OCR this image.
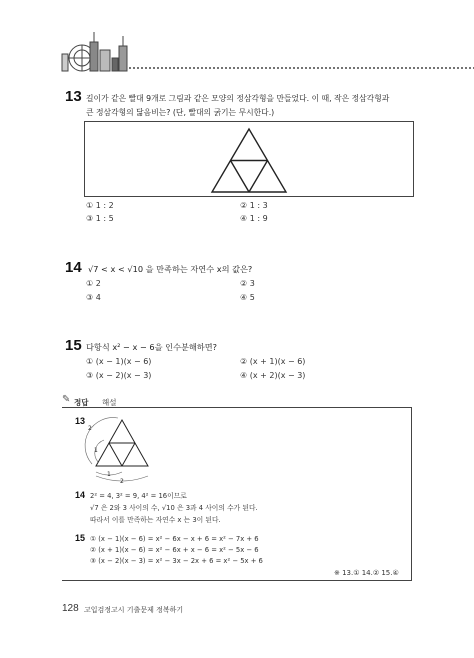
13 길이가 같은 빨대 9개로 그림과 같은 모양의 정삼각형을 만들었다. 이 때, 작은 정삼각형과
큰 정삼각형의 닮음비는? (단, 빨대의 굵기는 무시한다.)
① 1 : 2	② 1 : 3
③ 1 : 5	④ 1 : 9
14 √7 < x < √10 을 만족하는 자연수 x의 값은?
① 2	② 3
③ 4	④ 5
15 다항식 x² − x − 6을 인수분해하면?
① (x − 1)(x − 6)	② (x + 1)(x − 6)
③ (x − 2)(x − 3)	④ (x + 2)(x − 3)
✎ 정답 해설
13
2
1
1
2
14 2² = 4, 3² = 9, 4² = 16이므로
√7 은 2와 3 사이의 수, √10 은 3과 4 사이의 수가 된다.
따라서 이를 만족하는 자연수 x 는 3이 된다.
15 ① (x − 1)(x − 6) = x² − 6x − x + 6 = x² − 7x + 6
② (x + 1)(x − 6) = x² − 6x + x − 6 = x² − 5x − 6
③ (x − 2)(x − 3) = x² − 3x − 2x + 6 = x² − 5x + 6
※ 13.① 14.② 15.④
128 고입검정고시 기출문제 정복하기
